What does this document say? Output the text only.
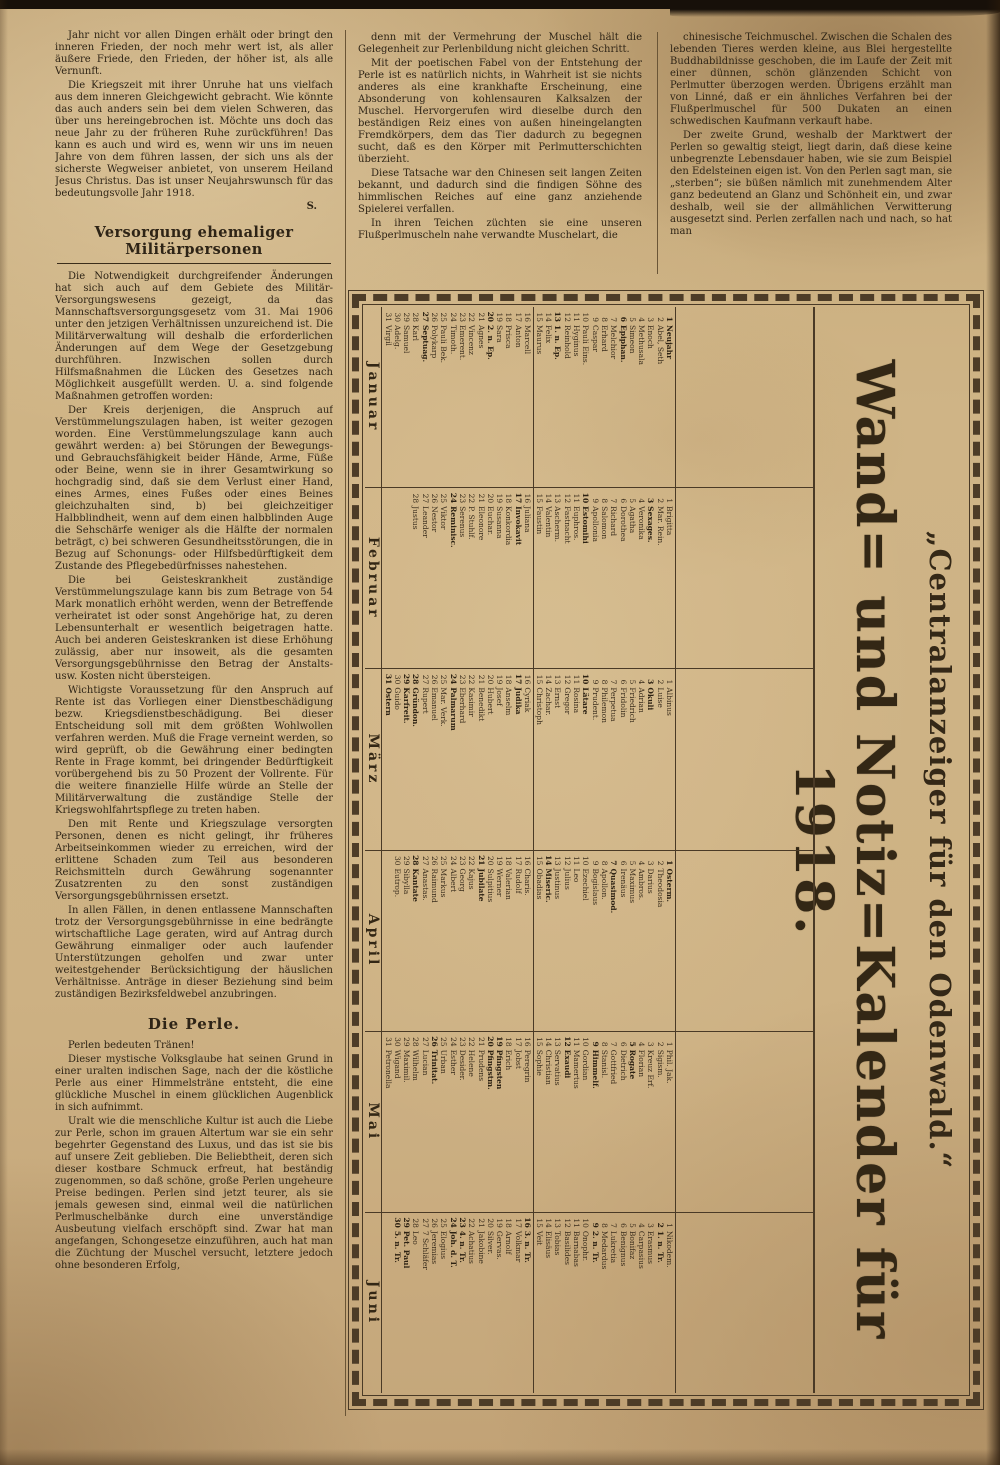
Jahr nicht vor allen Dingen erhält oder bringt den inneren Frieden, der noch mehr wert ist, als aller äußere Friede, den Frieden, der höher ist, als alle Vernunft.

Die Kriegszeit mit ihrer Unruhe hat uns vielfach aus dem inneren Gleichgewicht gebracht. Wie könnte das auch anders sein bei dem vielen Schweren, das über uns hereingebrochen ist. Möchte uns doch das neue Jahr zu der früheren Ruhe zurückführen! Das kann es auch und wird es, wenn wir uns im neuen Jahre von dem führen lassen, der sich uns als der sicherste Wegweiser anbietet, von unserem Heiland Jesus Christus. Das ist unser Neujahrswunsch für das bedeutungsvolle Jahr 1918.

S.
Versorgung ehemaliger Militärpersonen

Die Notwendigkeit durchgreifender Änderungen hat sich auch auf dem Gebiete des Militär-Versorgungswesens gezeigt, da das Mannschaftsversorgungsgesetz vom 31. Mai 1906 unter den jetzigen Verhältnissen unzureichend ist. Die Militärverwaltung will deshalb die erforderlichen Änderungen auf dem Wege der Gesetzgebung durchführen. Inzwischen sollen durch Hilfsmaßnahmen die Lücken des Gesetzes nach Möglichkeit ausgefüllt werden. U. a. sind folgende Maßnahmen getroffen worden:

Der Kreis derjenigen, die Anspruch auf Verstümmelungszulagen haben, ist weiter gezogen worden. Eine Verstümmelungszulage kann auch gewährt werden: a) bei Störungen der Bewegungs- und Gebrauchsfähigkeit beider Hände, Arme, Füße oder Beine, wenn sie in ihrer Gesamtwirkung so hochgradig sind, daß sie dem Verlust einer Hand, eines Armes, eines Fußes oder eines Beines gleichzuhalten sind, b) bei gleichzeitiger Halbblindheit, wenn auf dem einen halbblinden Auge die Sehschärfe weniger als die Hälfte der normalen beträgt, c) bei schweren Gesundheitsstörungen, die in Bezug auf Schonungs- oder Hilfsbedürftigkeit dem Zustande des Pflegebedürfnisses nahestehen.

Die bei Geisteskrankheit zuständige Verstümmelungszulage kann bis zum Betrage von 54 Mark monatlich erhöht werden, wenn der Betreffende verheiratet ist oder sonst Angehörige hat, zu deren Lebensunterhalt er wesentlich beigetragen hatte. Auch bei anderen Geisteskranken ist diese Erhöhung zulässig, aber nur insoweit, als die gesamten Versorgungsgebührnisse den Betrag der Anstalts- usw. Kosten nicht übersteigen.

Wichtigste Voraussetzung für den Anspruch auf Rente ist das Vorliegen einer Dienstbeschädigung bezw. Kriegsdienstbeschädigung. Bei dieser Entscheidung soll mit dem größten Wohlwollen verfahren werden. Muß die Frage verneint werden, so wird geprüft, ob die Gewährung einer bedingten Rente in Frage kommt, bei dringender Bedürftigkeit vorübergehend bis zu 50 Prozent der Vollrente. Für die weitere finanzielle Hilfe würde an Stelle der Militärverwaltung die zuständige Stelle der Kriegswohlfahrtspflege zu treten haben.

Den mit Rente und Kriegszulage versorgten Personen, denen es nicht gelingt, ihr früheres Arbeitseinkommen wieder zu erreichen, wird der erlittene Schaden zum Teil aus besonderen Reichsmitteln durch Gewährung sogenannter Zusatzrenten zu den sonst zuständigen Versorgungsgebührnissen ersetzt.

In allen Fällen, in denen entlassene Mannschaften trotz der Versorgungsgebührnisse in eine bedrängte wirtschaftliche Lage geraten, wird auf Antrag durch Gewährung einmaliger oder auch laufender Unterstützungen geholfen und zwar unter weitestgehender Berücksichtigung der häuslichen Verhältnisse. Anträge in dieser Beziehung sind beim zuständigen Bezirksfeldwebel anzubringen.

Die Perle.

Perlen bedeuten Tränen!

Dieser mystische Volksglaube hat seinen Grund in einer uralten indischen Sage, nach der die köstliche Perle aus einer Himmelsträne entsteht, die eine glückliche Muschel in einem glücklichen Augenblick in sich aufnimmt.

Uralt wie die menschliche Kultur ist auch die Liebe zur Perle, schon im grauen Altertum war sie ein sehr begehrter Gegenstand des Luxus, und das ist sie bis auf unsere Zeit geblieben. Die Beliebtheit, deren sich dieser kostbare Schmuck erfreut, hat beständig zugenommen, so daß schöne, große Perlen ungeheure Preise bedingen. Perlen sind jetzt teurer, als sie jemals gewesen sind, einmal weil die natürlichen Perlmuschelbänke durch eine unverständige Ausbeutung vielfach erschöpft sind. Zwar hat man angefangen, Schongesetze einzuführen, auch hat man die Züchtung der Muschel versucht, letztere jedoch ohne besonderen Erfolg,

denn mit der Vermehrung der Muschel hält die Gelegenheit zur Perlenbildung nicht gleichen Schritt.

Mit der poetischen Fabel von der Entstehung der Perle ist es natürlich nichts, in Wahrheit ist sie nichts anderes als eine krankhafte Erscheinung, eine Absonderung von kohlensauren Kalksalzen der Muschel. Hervorgerufen wird dieselbe durch den beständigen Reiz eines von außen hineingelangten Fremdkörpers, dem das Tier dadurch zu begegnen sucht, daß es den Körper mit Perlmutterschichten überzieht.

Diese Tatsache war den Chinesen seit langen Zeiten bekannt, und dadurch sind die findigen Söhne des himmlischen Reiches auf eine ganz anziehende Spielerei verfallen.

In ihren Teichen züchten sie eine unseren Flußperlmuscheln nahe verwandte Muschelart, die

chinesische Teichmuschel. Zwischen die Schalen des lebenden Tieres werden kleine, aus Blei hergestellte Buddhabildnisse geschoben, die im Laufe der Zeit mit einer dünnen, schön glänzenden Schicht von Perlmutter überzogen werden. Übrigens erzählt man von Linné, daß er ein ähnliches Verfahren bei der Flußperlmuschel für 500 Dukaten an einen schwedischen Kaufmann verkauft habe.

Der zweite Grund, weshalb der Marktwert der Perlen so gewaltig steigt, liegt darin, daß diese keine unbegrenzte Lebensdauer haben, wie sie zum Beispiel den Edelsteinen eigen ist. Von den Perlen sagt man, sie „sterben“; sie büßen nämlich mit zunehmendem Alter ganz bedeutend an Glanz und Schönheit ein, und zwar deshalb, weil sie der allmählichen Verwitterung ausgesetzt sind. Perlen zerfallen nach und nach, so hat man

„Centralanzeiger für den Odenwald.“
Wand= und Notiz=Kalender für 1918.
1
Neujahr
2
Abel, Seth
3
Enoch
4
Methusala
5
Simeon
6
Epiphan.
7
Melchior
8
Erhard
9
Caspar
10
Pauli Eins.
11
Hyginus
12
Reinhold
13
1. n. Ep.
14
Felix
15
Maurus
16
Marcell
17
Anton
18
Prisca
19
Sara
20
2. n. Ep.
21
Agnes
22
Vincenz
23
Emerent.
24
Timoth.
25
Pauli Bek.
26
Polykarp
27
Septuag.
28
Karl
29
Samuel
30
Adelg.
31
Virgil
Januar
1
Brigitta
2
Mar. Rein.
3
Sexages.
4
Veronika
5
Agatha
6
Dorothea
7
Richard
8
Salomon
9
Apollonia
10
Estomihi
11
Euphros.
12
Fastnacht
13
Ascherm.
14
Valentin
15
Faustin
16
Juliana
17
Invokavit
18
Konkordia
19
Susanna
20
Euchar.
21
Eleonore
22
P. Stuhlf.
23
Serenus
24
Reminisc.
25
Viktor
26
Nestor
27
Leander
28
Justus
Februar
1
Albinus
2
Luise
3
Okuli
4
Adrian
5
Friedrich
6
Fridolin
7
Perpetua
8
Philemon
9
Prudent.
10
Lätare
11
Rosina
12
Gregor
13
Ernst
14
Zachar.
15
Christoph
16
Cyriak
17
Judika
18
Anselm
19
Josef
20
Hubert
21
Benedikt
22
Kasimir
23
Eberhard
24
Palmarum
25
Mar. Verk.
26
Emanuel
27
Rupert
28
Gründon.
29
Karfreit.
30
Guido
31
Ostern
März
1
Osterm.
2
Theodosia
3
Darius
4
Ambros.
5
Maximus
6
Irenäus
7
Quasimod.
8
Apollon.
9
Bogislaus
10
Ezechiel
11
Leo
12
Julius
13
Justinus
14
Miseric.
15
Obadias
16
Charis.
17
Rudolf
18
Valerian
19
Werner
20
Sulpitius
21
Jubilate
22
Kajus
23
Georg
24
Albert
25
Markus
26
Raimund
27
Anastas.
28
Kantate
29
Sibylla
30
Eutrop.
April
1
Phil. Jak.
2
Sigism.
3
Kreuz Erf.
4
Florian
5
Rogate
6
Dietrich
7
Gottfried
8
Stanisl.
9
Himmelf.
10
Gordian
11
Mamertus
12
Exaudi
13
Servatius
14
Christian
15
Sophie
16
Peregrin
17
Jobst
18
Erich
19
Pfingsten
20
Pfingstm.
21
Prudens
22
Helene
23
Desider.
24
Esther
25
Urban
26
Trinitat.
27
Lucian
28
Wilhelm
29
Maximil.
30
Wigand
31
Petronella
Mai
1
Nikodem.
2
1. n. Tr.
3
Erasmus
4
Carpasius
5
Bonifaz
6
Benignus
7
Lukretia
8
Medardus
9
2. n. Tr.
10
Onophr.
11
Barnabas
12
Basilides
13
Tobias
14
Elisäus
15
Veit
16
3. n. Tr.
17
Volkmar
18
Arnolf
19
Gervas.
20
Silver.
21
Jakobine
22
Achatius
23
4. n. Tr.
24
Joh. d. T.
25
Elogius
26
Jeremias
27
7 Schläfer
28
Leo
29
Pet. Paul
30
5. n. Tr.
Juni
